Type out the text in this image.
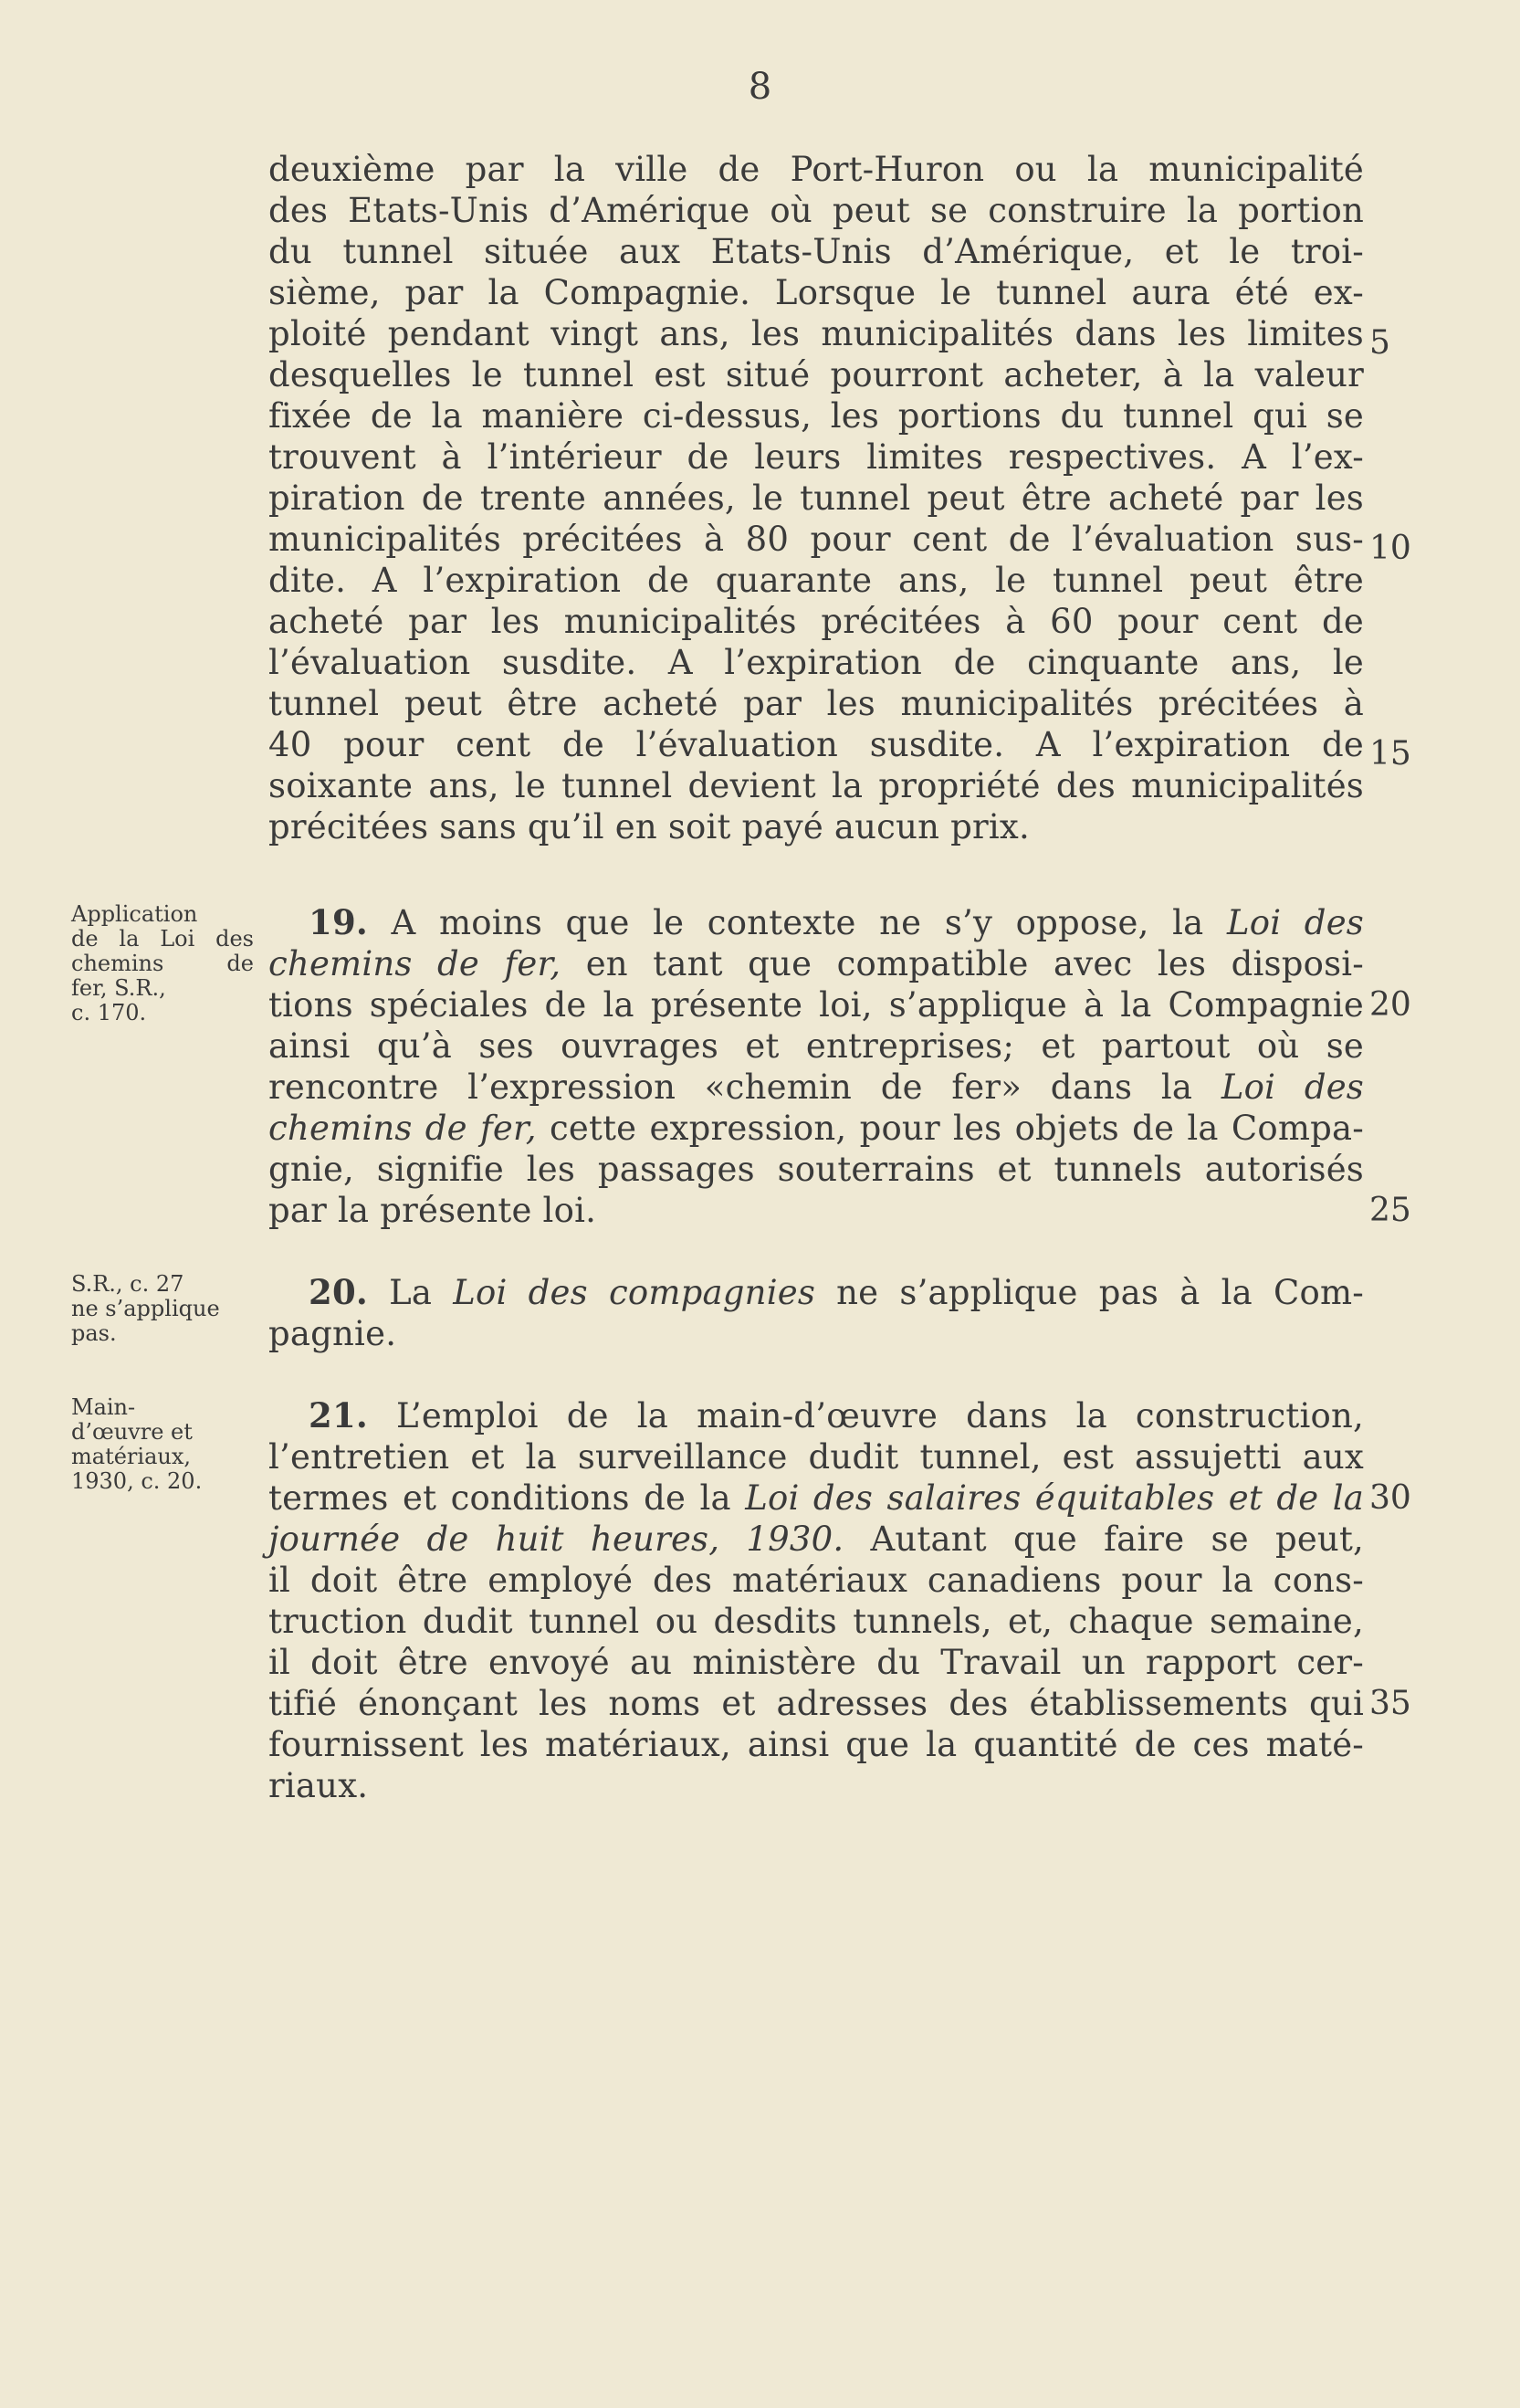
8
deuxième par la ville de Port-Huron ou la municipalité
des Etats-Unis d’Amérique où peut se construire la portion
du tunnel située aux Etats-Unis d’Amérique, et le troi-
sième, par la Compagnie. Lorsque le tunnel aura été ex-
ploité pendant vingt ans, les municipalités dans les limites
desquelles le tunnel est situé pourront acheter, à la valeur
fixée de la manière ci-dessus, les portions du tunnel qui se
trouvent à l’intérieur de leurs limites respectives. A l’ex-
piration de trente années, le tunnel peut être acheté par les
municipalités précitées à 80 pour cent de l’évaluation sus-
dite. A l’expiration de quarante ans, le tunnel peut être
acheté par les municipalités précitées à 60 pour cent de
l’évaluation susdite. A l’expiration de cinquante ans, le
tunnel peut être acheté par les municipalités précitées à
40 pour cent de l’évaluation susdite. A l’expiration de
soixante ans, le tunnel devient la propriété des municipalités
précitées sans qu’il en soit payé aucun prix.
Application
de la Loi des
chemins de
fer, S.R.,
c. 170.
19. A moins que le contexte ne s’y oppose, la Loi des
chemins de fer, en tant que compatible avec les disposi-
tions spéciales de la présente loi, s’applique à la Compagnie
ainsi qu’à ses ouvrages et entreprises; et partout où se
rencontre l’expression «chemin de fer» dans la Loi des
chemins de fer, cette expression, pour les objets de la Compa-
gnie, signifie les passages souterrains et tunnels autorisés
par la présente loi.
S.R., c. 27
ne s’applique
pas.
20. La Loi des compagnies ne s’applique pas à la Com-
pagnie.
Main-
d’œuvre et
matériaux,
1930, c. 20.
21. L’emploi de la main-d’œuvre dans la construction,
l’entretien et la surveillance dudit tunnel, est assujetti aux
termes et conditions de la Loi des salaires équitables et de la
journée de huit heures, 1930. Autant que faire se peut,
il doit être employé des matériaux canadiens pour la cons-
truction dudit tunnel ou desdits tunnels, et, chaque semaine,
il doit être envoyé au ministère du Travail un rapport cer-
tifié énonçant les noms et adresses des établissements qui
fournissent les matériaux, ainsi que la quantité de ces maté-
riaux.
5
10
15
20
25
30
35
